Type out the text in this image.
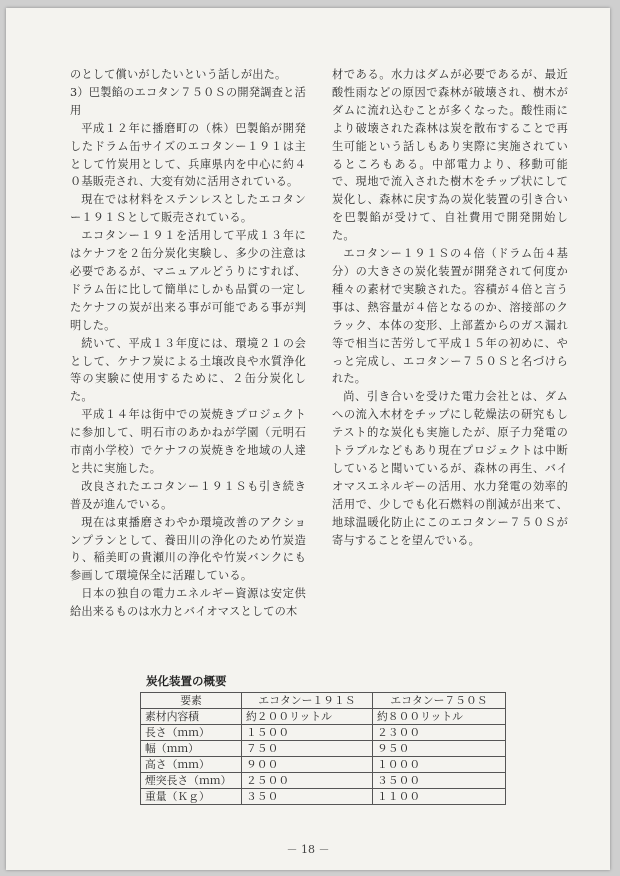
のとして償いがしたいという話しが出た。

3）巴製餡のエコタン７５０Ｓの開発調査と活用

平成１２年に播磨町の（株）巴製餡が開発したドラム缶サイズのエコタンー１９１は主として竹炭用として、兵庫県内を中心に約４０基販売され、大変有効に活用されている。

現在では材料をステンレスとしたエコタンー１９１Ｓとして販売されている。

エコタンー１９１を活用して平成１３年にはケナフを２缶分炭化実験し、多少の注意は必要であるが、マニュアルどうりにすれば、ドラム缶に比して簡単にしかも品質の一定したケナフの炭が出来る事が可能である事が判明した。

続いて、平成１３年度には、環境２１の会として、ケナフ炭による土壌改良や水質浄化等の実験に使用するために、２缶分炭化した。

平成１４年は街中での炭焼きプロジェクトに参加して、明石市のあかねが学園（元明石市南小学校）でケナフの炭焼きを地域の人達と共に実施した。

改良されたエコタンー１９１Ｓも引き続き普及が進んでいる。

現在は東播磨さわやか環境改善のアクションプランとして、養田川の浄化のため竹炭造り、稲美町の貴瀬川の浄化や竹炭バンクにも参画して環境保全に活躍している。

日本の独自の電力エネルギー資源は安定供給出来るものは水力とバイオマスとしての木

材である。水力はダムが必要であるが、最近酸性雨などの原因で森林が破壊され、樹木がダムに流れ込むことが多くなった。酸性雨により破壊された森林は炭を散布することで再生可能という話しもあり実際に実施されているところもある。中部電力より、移動可能で、現地で流入された樹木をチップ状にして炭化し、森林に戻す為の炭化装置の引き合いを巴製餡が受けて、自社費用で開発開始した。

エコタンー１９１Ｓの４倍（ドラム缶４基分）の大きさの炭化装置が開発されて何度か種々の素材で実験された。容積が４倍と言う事は、熱容量が４倍となるのか、溶接部のクラック、本体の変形、上部蓋からのガス漏れ等で相当に苦労して平成１５年の初めに、やっと完成し、エコタンー７５０Ｓと名づけられた。

尚、引き合いを受けた電力会社とは、ダムへの流入木材をチップにし乾燥法の研究もしテスト的な炭化も実施したが、原子力発電のトラブルなどもあり現在プロジェクトは中断していると聞いているが、森林の再生、バイオマスエネルギーの活用、水力発電の効率的活用で、少しでも化石燃料の削減が出来て、地球温暖化防止にこのエコタンー７５０Ｓが寄与することを望んでいる。

炭化装置の概要
要素	エコタンー１９１Ｓ	エコタンー７５０Ｓ
素材内容積	約２００リットル	約８００リットル
長さ（ｍｍ）	１５００	２３００
幅（ｍｍ）	７５０	９５０
高さ（ｍｍ）	９００	１０００
煙突長さ（ｍｍ）	２５００	３５００
重量（Ｋｇ）	３５０	１１００
－ 18 －
